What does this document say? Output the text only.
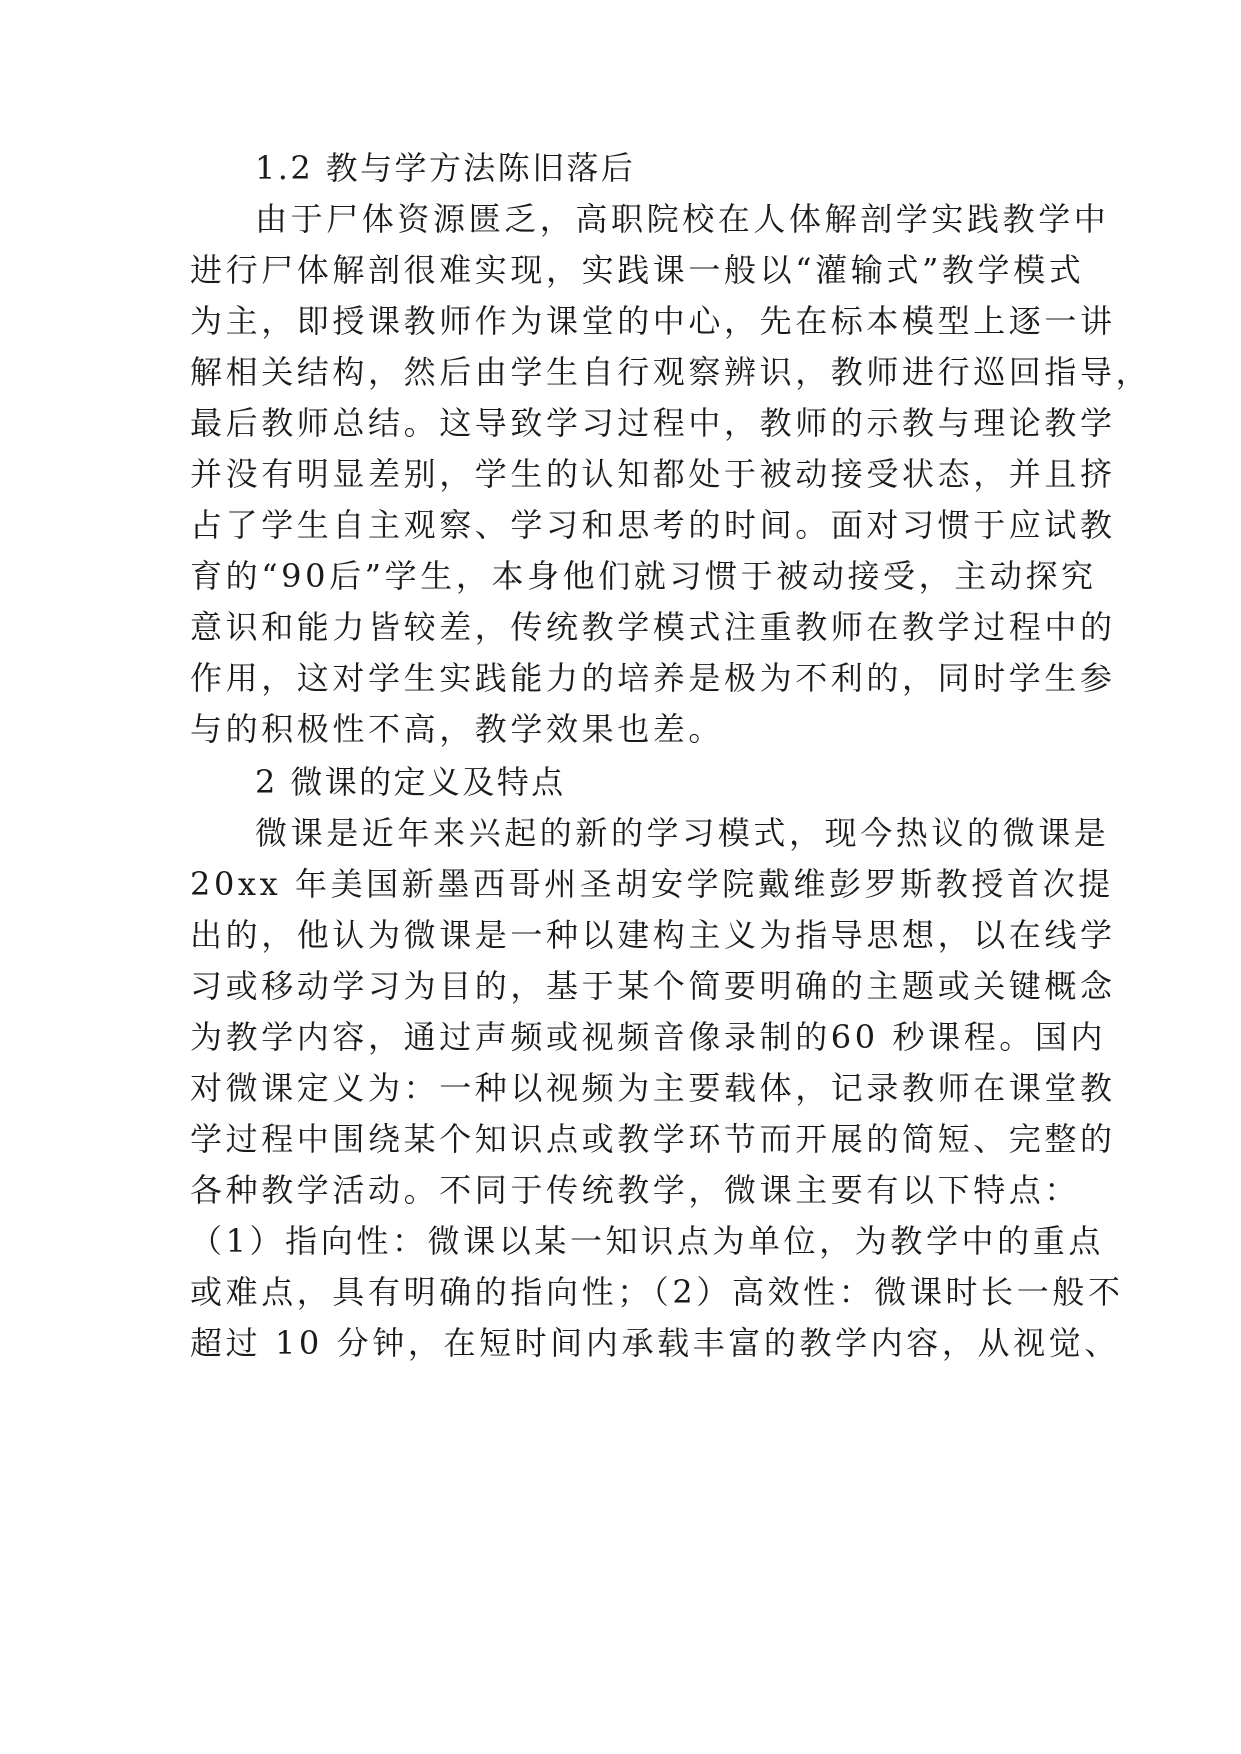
1.2 教与学方法陈旧落后
由于尸体资源匮乏，高职院校在人体解剖学实践教学中
进行尸体解剖很难实现，实践课一般以“灌输式”教学模式
为主，即授课教师作为课堂的中心，先在标本模型上逐一讲
解相关结构，然后由学生自行观察辨识，教师进行巡回指导，
最后教师总结。这导致学习过程中，教师的示教与理论教学
并没有明显差别，学生的认知都处于被动接受状态，并且挤
占了学生自主观察、学习和思考的时间。面对习惯于应试教
育的“90后”学生，本身他们就习惯于被动接受，主动探究
意识和能力皆较差，传统教学模式注重教师在教学过程中的
作用，这对学生实践能力的培养是极为不利的，同时学生参
与的积极性不高，教学效果也差。
2 微课的定义及特点
微课是近年来兴起的新的学习模式，现今热议的微课是
20xx 年美国新墨西哥州圣胡安学院戴维彭罗斯教授首次提
出的，他认为微课是一种以建构主义为指导思想，以在线学
习或移动学习为目的，基于某个简要明确的主题或关键概念
为教学内容，通过声频或视频音像录制的60 秒课程。国内
对微课定义为：一种以视频为主要载体，记录教师在课堂教
学过程中围绕某个知识点或教学环节而开展的简短、完整的
各种教学活动。不同于传统教学，微课主要有以下特点：
（1）指向性：微课以某一知识点为单位，为教学中的重点
或难点，具有明确的指向性；（2）高效性：微课时长一般不
超过 10 分钟，在短时间内承载丰富的教学内容，从视觉、
